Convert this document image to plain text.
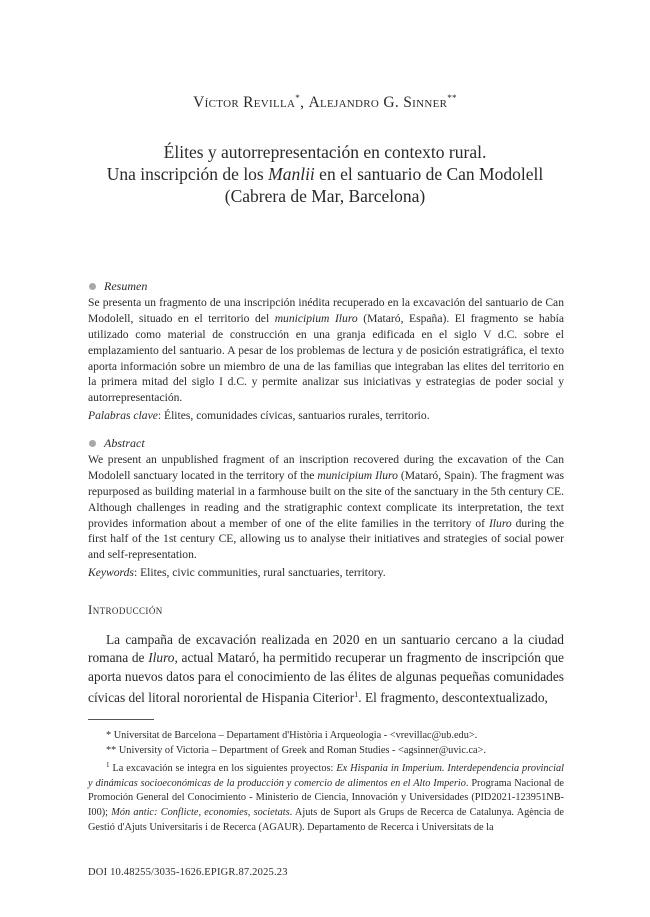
Víctor Revilla*, Alejandro G. Sinner**
Élites y autorrepresentación en contexto rural.
Una inscripción de los Manlii en el santuario de Can Modolell
(Cabrera de Mar, Barcelona)
Resumen

Se presenta un fragmento de una inscripción inédita recuperado en la excavación del santuario de Can Modolell, situado en el territorio del municipium Iluro (Mataró, España). El fragmento se había utilizado como material de construcción en una granja edificada en el siglo V d.C. sobre el emplazamiento del santuario. A pesar de los problemas de lectura y de posición estratigráfica, el texto aporta información sobre un miembro de una de las familias que integraban las elites del territorio en la primera mitad del siglo I d.C. y permite analizar sus iniciativas y estrategias de poder social y autorrepresentación.

Palabras clave: Élites, comunidades cívicas, santuarios rurales, territorio.

Abstract

We present an unpublished fragment of an inscription recovered during the excavation of the Can Modolell sanctuary located in the territory of the municipium Iluro (Mataró, Spain). The fragment was repurposed as building material in a farmhouse built on the site of the sanctuary in the 5th century CE. Although challenges in reading and the stratigraphic context complicate its interpretation, the text provides information about a member of one of the elite families in the territory of Iluro during the first half of the 1st century CE, allowing us to analyse their initiatives and strategies of social power and self-representation.

Keywords: Elites, civic communities, rural sanctuaries, territory.

Introducción

La campaña de excavación realizada en 2020 en un santuario cercano a la ciudad romana de Iluro, actual Mataró, ha permitido recuperar un fragmento de inscripción que aporta nuevos datos para el conocimiento de las élites de algunas pequeñas comunidades cívicas del litoral nororiental de Hispania Citerior$^1$. El fragmento, descontextualizado,

* Universitat de Barcelona – Departament d'Història i Arqueologia - <vrevillac@ub.edu>.

** University of Victoria – Department of Greek and Roman Studies - <agsinner@uvic.ca>.

$^1$ La excavación se integra en los siguientes proyectos: Ex Hispania in Imperium. Interdependencia provincial y dinámicas socioeconómicas de la producción y comercio de alimentos en el Alto Imperio. Programa Nacional de Promoción General del Conocimiento - Ministerio de Ciencia, Innovación y Universidades (PID2021-123951NB-I00); Món antic: Conflicte, economies, societats. Ajuts de Suport als Grups de Recerca de Catalunya. Agència de Gestió d'Ajuts Universitaris i de Recerca (AGAUR). Departamento de Recerca i Universitats de la

DOI 10.48255/3035-1626.EPIGR.87.2025.23
